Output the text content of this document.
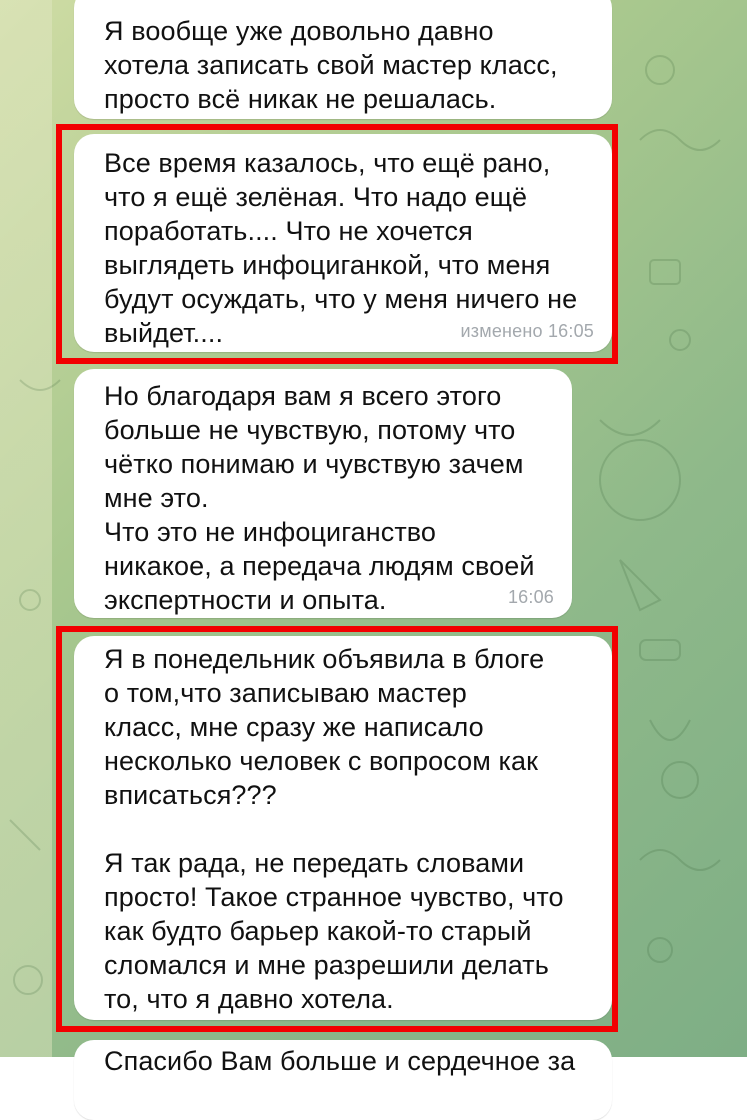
Я вообще уже довольно давно
хотела записать свой мастер класс,
просто всё никак не решалась.
Все время казалось, что ещё рано,
что я ещё зелёная. Что надо ещё
поработать.... Что не хочется
выглядеть инфоциганкой, что меня
будут осуждать, что у меня ничего не
выйдет....	изменено 16:05
Но благодаря вам я всего этого
больше не чувствую, потому что
чётко понимаю и чувствую зачем
мне это.
Что это не инфоциганство
никакое, а передача людям своей
экспертности и опыта.	16:06
Я в понедельник объявила в блоге
о том,что записываю мастер
класс, мне сразу же написало
несколько человек с вопросом как
вписаться???

Я так рада, не передать словами
просто! Такое странное чувство, что
как будто барьер какой-то старый
сломался и мне разрешили делать
то, что я давно хотела.
Спасибо Вам больше и сердечное за
